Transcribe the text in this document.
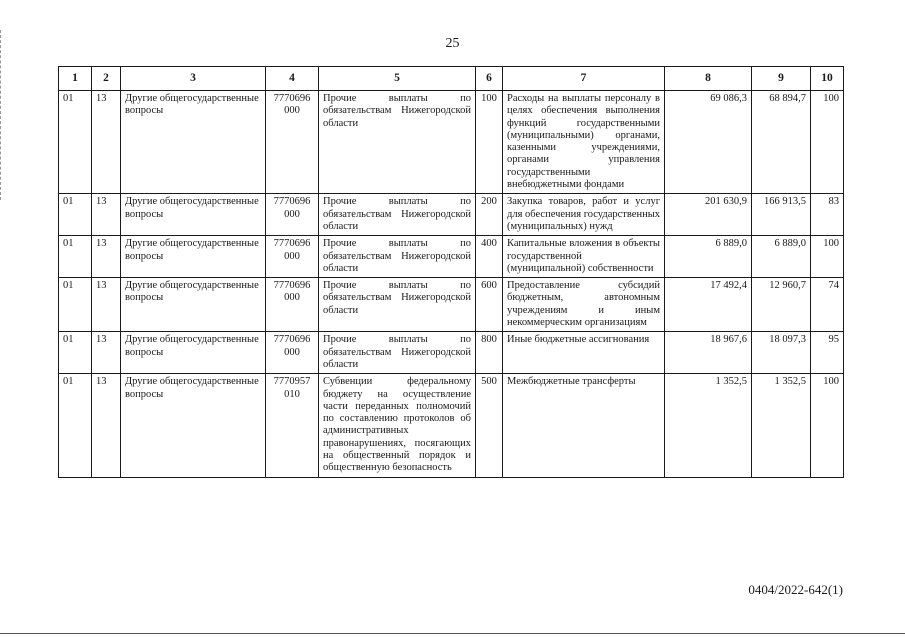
25
1	2	3	4	5	6	7	8	9	10
01	13	Другие общегосударственные вопросы	7770696 000	Прочие выплаты по обязательствам Нижегородской области	100	Расходы на выплаты персоналу в целях обеспечения выполнения функций государственными (муниципальными) органами, казенными учреждениями, органами управления государственными внебюджетными фондами	69 086,3	68 894,7	100
01	13	Другие общегосударственные вопросы	7770696 000	Прочие выплаты по обязательствам Нижегородской области	200	Закупка товаров, работ и услуг для обеспечения государственных (муниципальных) нужд	201 630,9	166 913,5	83
01	13	Другие общегосударственные вопросы	7770696 000	Прочие выплаты по обязательствам Нижегородской области	400	Капитальные вложения в объекты государственной (муниципальной) собственности	6 889,0	6 889,0	100
01	13	Другие общегосударственные вопросы	7770696 000	Прочие выплаты по обязательствам Нижегородской области	600	Предоставление субсидий бюджетным, автономным учреждениям и иным некоммерческим организациям	17 492,4	12 960,7	74
01	13	Другие общегосударственные вопросы	7770696 000	Прочие выплаты по обязательствам Нижегородской области	800	Иные бюджетные ассигнования	18 967,6	18 097,3	95
01	13	Другие общегосударственные вопросы	7770957 010	Субвенции федеральному бюджету на осуществление части переданных полномочий по составлению протоколов об административных правонарушениях, посягающих на общественный порядок и общественную безопасность	500	Межбюджетные трансферты	1 352,5	1 352,5	100
0404/2022-642(1)
